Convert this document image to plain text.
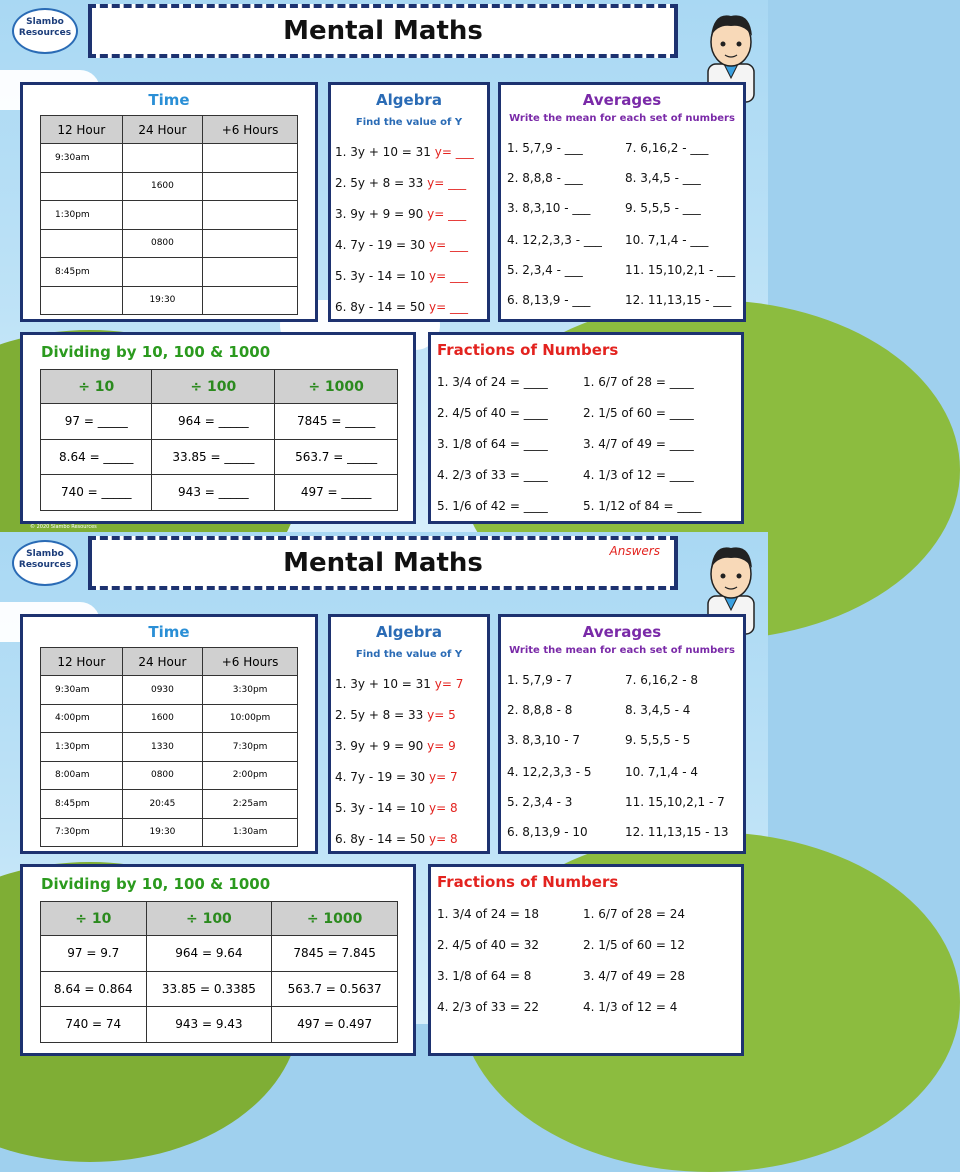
Slambo
Resources	Mental Maths
Time
12 Hour	24 Hour	+6 Hours
9:30am		
	1600	
1:30pm		
	0800	
8:45pm		
	19:30	
Algebra
Find the value of Y
1. 3y + 10 = 31 y= ___
2. 5y + 8 = 33 y= ___
3. 9y + 9 = 90 y= ___
4. 7y - 19 = 30 y= ___
5. 3y - 14 = 10 y= ___
6. 8y - 14 = 50 y= ___
Averages
Write the mean for each set of numbers
1. 5,7,9 - ___
2. 8,8,8 - ___
3. 8,3,10 - ___
4. 12,2,3,3 - ___
5. 2,3,4 - ___
6. 8,13,9 - ___
7. 6,16,2 - ___
8. 3,4,5 - ___
9. 5,5,5 - ___
10. 7,1,4 - ___
11. 15,10,2,1 - ___
12. 11,13,15 - ___
Dividing by 10, 100 & 1000
÷ 10	÷ 100	÷ 1000
97 = _____	964 = _____	7845 = _____
8.64 = _____	33.85 = _____	563.7 = _____
740 = _____	943 = _____	497 = _____
Fractions of Numbers
1. 3/4 of 24 = ____
2. 4/5 of 40 = ____
3. 1/8 of 64 = ____
4. 2/3 of 33 = ____
5. 1/6 of 42 = ____
1. 6/7 of 28 = ____
2. 1/5 of 60 = ____
3. 4/7 of 49 = ____
4. 1/3 of 12 = ____
5. 1/12 of 84 = ____
© 2020 Slambo Resources
Slambo
Resources	Mental Maths	Answers
Time
12 Hour	24 Hour	+6 Hours
9:30am	0930	3:30pm
4:00pm	1600	10:00pm
1:30pm	1330	7:30pm
8:00am	0800	2:00pm
8:45pm	20:45	2:25am
7:30pm	19:30	1:30am
Algebra
Find the value of Y
1. 3y + 10 = 31 y= 7
2. 5y + 8 = 33 y= 5
3. 9y + 9 = 90 y= 9
4. 7y - 19 = 30 y= 7
5. 3y - 14 = 10 y= 8
6. 8y - 14 = 50 y= 8
Averages
Write the mean for each set of numbers
1. 5,7,9 - 7
2. 8,8,8 - 8
3. 8,3,10 - 7
4. 12,2,3,3 - 5
5. 2,3,4 - 3
6. 8,13,9 - 10
7. 6,16,2 - 8
8. 3,4,5 - 4
9. 5,5,5 - 5
10. 7,1,4 - 4
11. 15,10,2,1 - 7
12. 11,13,15 - 13
Dividing by 10, 100 & 1000
÷ 10	÷ 100	÷ 1000
97 = 9.7	964 = 9.64	7845 = 7.845
8.64 = 0.864	33.85 = 0.3385	563.7 = 0.5637
740 = 74	943 = 9.43	497 = 0.497
Fractions of Numbers
1. 3/4 of 24 = 18
2. 4/5 of 40 = 32
3. 1/8 of 64 = 8
4. 2/3 of 33 = 22
1. 6/7 of 28 = 24
2. 1/5 of 60 = 12
3. 4/7 of 49 = 28
4. 1/3 of 12 = 4
